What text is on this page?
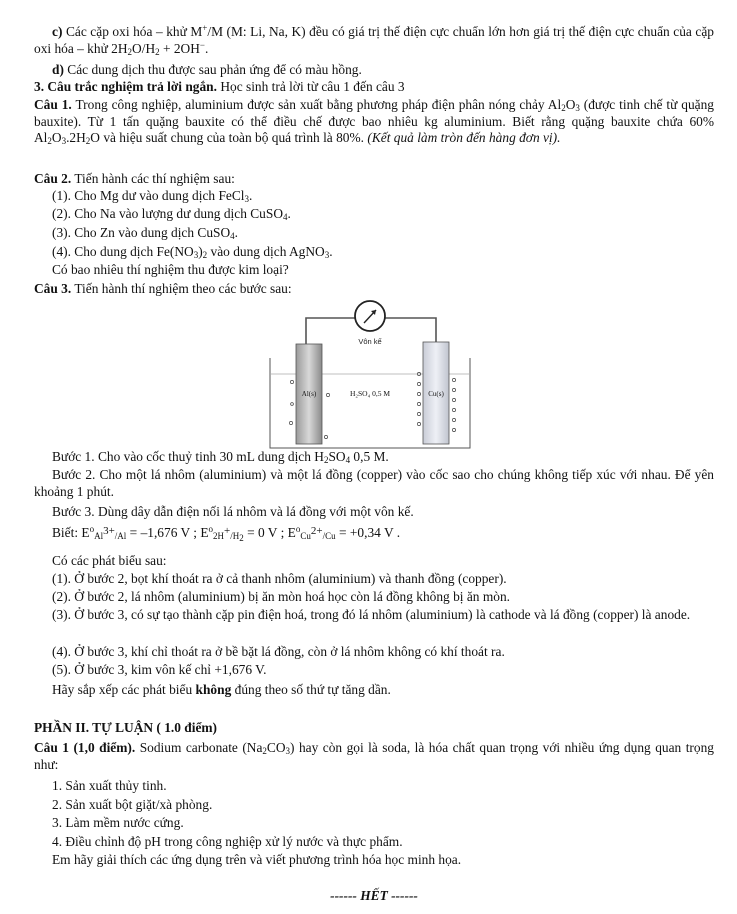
c) Các cặp oxi hóa – khử M+/M (M: Li, Na, K) đều có giá trị thế điện cực chuẩn lớn hơn giá trị thế điện cực chuẩn của cặp oxi hóa – khử $2H_2O/H_2 + 2OH^-$.

d) Các dung dịch thu được sau phản ứng để có màu hồng.

3. Câu trắc nghiệm trả lời ngắn. Học sinh trả lời từ câu 1 đến câu 3

Câu 1. Trong công nghiệp, aluminium được sản xuất bằng phương pháp điện phân nóng chảy $Al_2O_3$ (được tinh chế từ quặng bauxite). Từ 1 tấn quặng bauxite có thể điều chế được bao nhiêu kg aluminium. Biết rằng quặng bauxite chứa 60% $Al_2O_3.2H_2O$ và hiệu suất chung của toàn bộ quá trình là 80%. (Kết quả làm tròn đến hàng đơn vị).

Câu 2. Tiến hành các thí nghiệm sau:

(1). Cho Mg dư vào dung dịch FeCl$_3$.

(2). Cho Na vào lượng dư dung dịch CuSO$_4$.

(3). Cho Zn vào dung dịch CuSO$_4$.

(4). Cho dung dịch $Fe(NO_3)_2$ vào dung dịch AgNO$_3$.

Có bao nhiêu thí nghiệm thu được kim loại?

Câu 3. Tiến hành thí nghiệm theo các bước sau:

Vôn kế
Al(s)	Cu(s)
H₂SO₄ 0,5 M

Bước 1. Cho vào cốc thuỷ tinh 30 mL dung dịch $H_2SO_4$ 0,5 M.

Bước 2. Cho một lá nhôm (aluminium) và một lá đồng (copper) vào cốc sao cho chúng không tiếp xúc với nhau. Để yên khoảng 1 phút.

Bước 3. Dùng dây dẫn điện nối lá nhôm và lá đồng với một vôn kế.

Biết: $E^o_{Al^{3+}/Al} = -1,676$ V ; $E^o_{2H^+/H_2} = 0$ V ; $E^o_{Cu^{2+}/Cu} = +0,34$ V .

Có các phát biểu sau:

(1). Ở bước 2, bọt khí thoát ra ở cả thanh nhôm (aluminium) và thanh đồng (copper).

(2). Ở bước 2, lá nhôm (aluminium) bị ăn mòn hoá học còn lá đồng không bị ăn mòn.

(3). Ở bước 3, có sự tạo thành cặp pin điện hoá, trong đó lá nhôm (aluminium) là cathode và lá đồng (copper) là anode.

(4). Ở bước 3, khí chỉ thoát ra ở bề bặt lá đồng, còn ở lá nhôm không có khí thoát ra.

(5). Ở bước 3, kim vôn kế chỉ +1,676 V.

Hãy sắp xếp các phát biểu không đúng theo số thứ tự tăng dần.

PHẦN II. TỰ LUẬN ( 1.0 điểm)

Câu 1 (1,0 điểm). Sodium carbonate $(Na_2CO_3)$ hay còn gọi là soda, là hóa chất quan trọng với nhiều ứng dụng quan trọng như:

1. Sản xuất thủy tinh.

2. Sản xuất bột giặt/xà phòng.

3. Làm mềm nước cứng.

4. Điều chỉnh độ pH trong công nghiệp xử lý nước và thực phẩm.

Em hãy giải thích các ứng dụng trên và viết phương trình hóa học minh họa.

------ HẾT ------
